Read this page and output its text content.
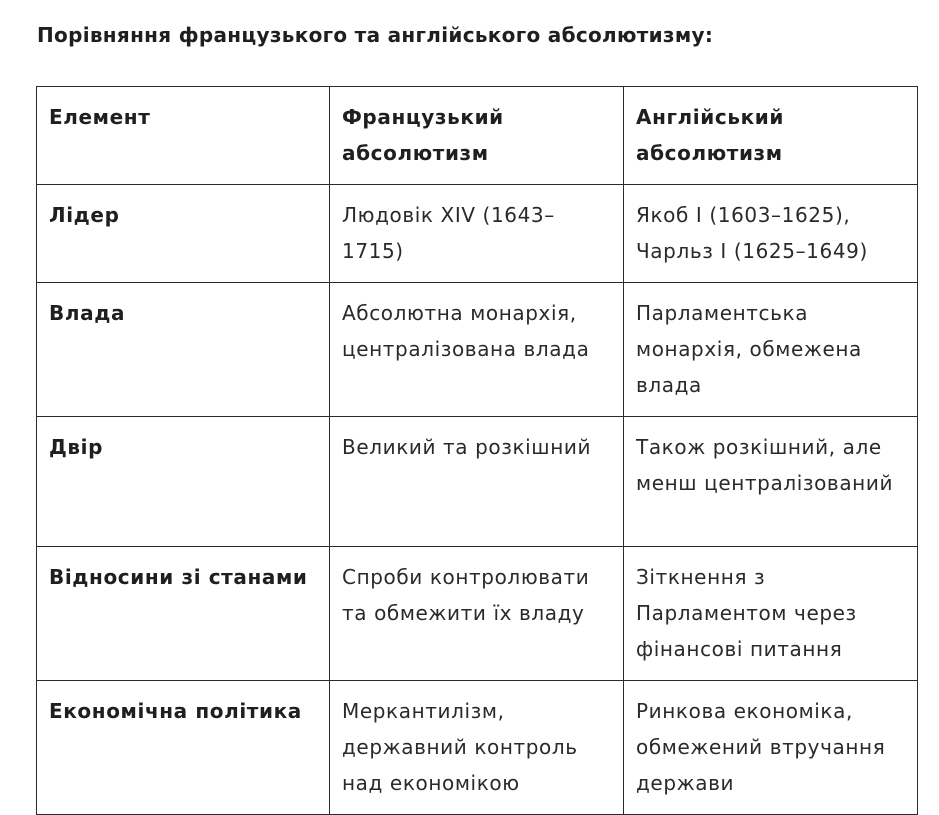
Порівняння французького та англійського абсолютизму:
Елемент	Французький абсолютизм	Англійський абсолютизм
Лідер	Людовік XIV (1643–1715)	Якоб I (1603–1625), Чарльз I (1625–1649)
Влада	Абсолютна монархія, централізована влада	Парламентська монархія, обмежена влада
Двір	Великий та розкішний	Також розкішний, але менш централізований
Відносини зі станами	Спроби контролювати та обмежити їх владу	Зіткнення з Парламентом через фінансові питання
Економічна політика	Меркантилізм, державний контроль над економікою	Ринкова економіка, обмежений втручання держави
